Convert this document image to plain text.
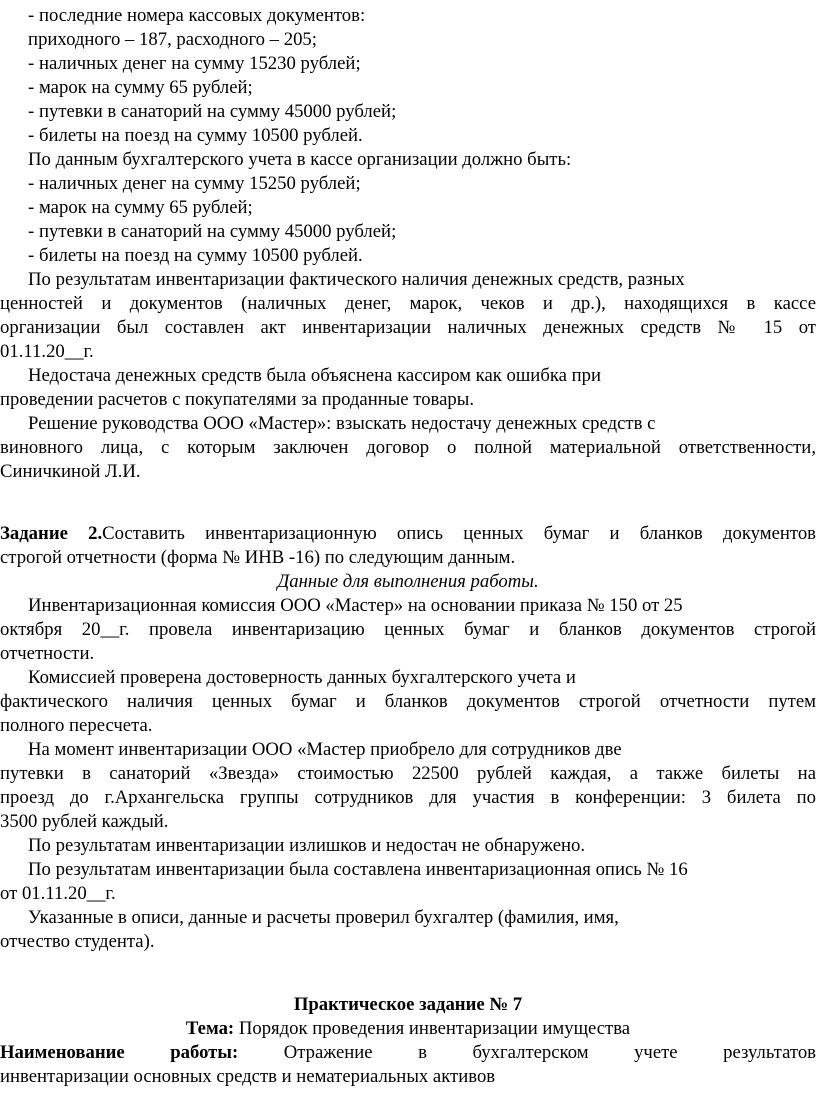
- последние номера кассовых документов:
приходного – 187, расходного – 205;
- наличных денег на сумму 15230 рублей;
- марок на сумму 65 рублей;
- путевки в санаторий на сумму 45000 рублей;
- билеты на поезд на сумму 10500 рублей.
По данным бухгалтерского учета в кассе организации должно быть:
- наличных денег на сумму 15250 рублей;
- марок на сумму 65 рублей;
- путевки в санаторий на сумму 45000 рублей;
- билеты на поезд на сумму 10500 рублей.
По результатам инвентаризации фактического наличия денежных средств, разных
ценностей и документов (наличных денег, марок, чеков и др.), находящихся в кассе
организации был составлен акт инвентаризации наличных денежных средств № 15 от
01.11.20__г.
Недостача денежных средств была объяснена кассиром как ошибка при
проведении расчетов с покупателями за проданные товары.
Решение руководства ООО «Мастер»: взыскать недостачу денежных средств с
виновного лица, с которым заключен договор о полной материальной ответственности,
Синичкиной Л.И.
Задание 2.Составить инвентаризационную опись ценных бумаг и бланков документов
строгой отчетности (форма № ИНВ -16) по следующим данным.
Данные для выполнения работы.
Инвентаризационная комиссия ООО «Мастер» на основании приказа № 150 от 25
октября 20__г. провела инвентаризацию ценных бумаг и бланков документов строгой
отчетности.
Комиссией проверена достоверность данных бухгалтерского учета и
фактического наличия ценных бумаг и бланков документов строгой отчетности путем
полного пересчета.
На момент инвентаризации ООО «Мастер приобрело для сотрудников две
путевки в санаторий «Звезда» стоимостью 22500 рублей каждая, а также билеты на
проезд до г.Архангельска группы сотрудников для участия в конференции: 3 билета по
3500 рублей каждый.
По результатам инвентаризации излишков и недостач не обнаружено.
По результатам инвентаризации была составлена инвентаризационная опись № 16
от 01.11.20__г.
Указанные в описи, данные и расчеты проверил бухгалтер (фамилия, имя,
отчество студента).
Практическое задание № 7
Тема: Порядок проведения инвентаризации имущества
Наименование работы: Отражение в бухгалтерском учете результатов
инвентаризации основных средств и нематериальных активов
